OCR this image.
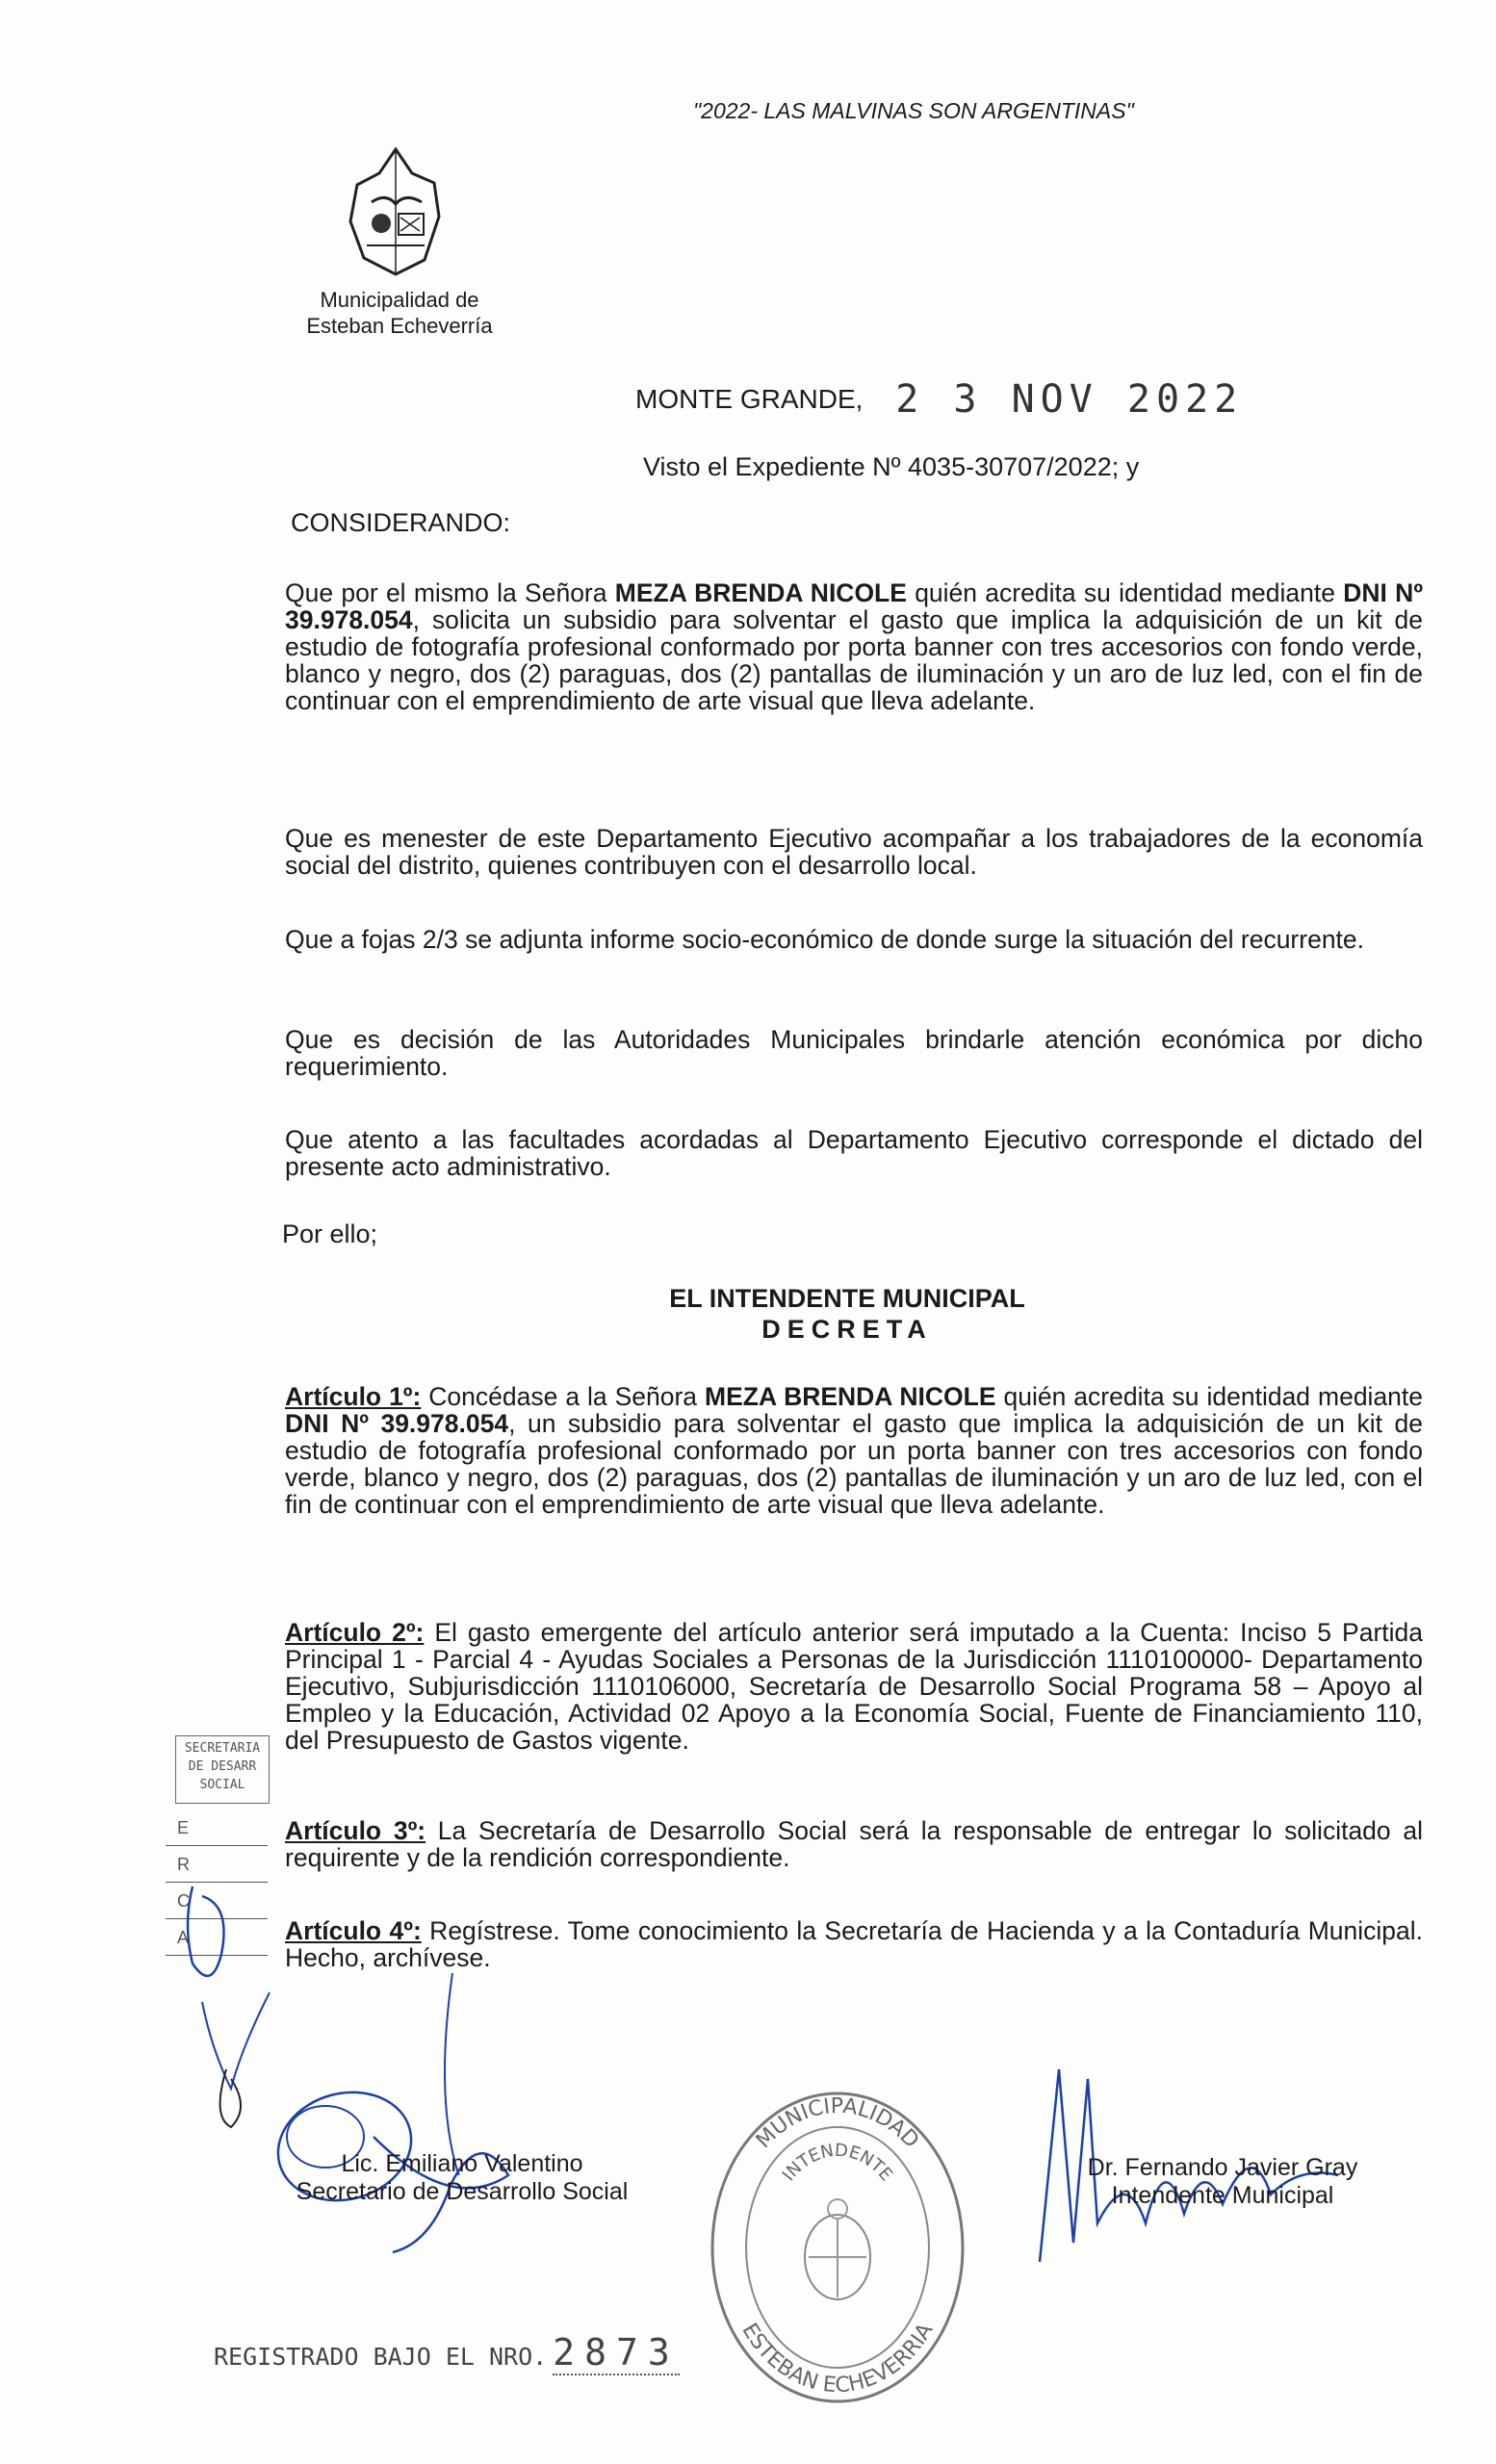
"2022- LAS MALVINAS SON ARGENTINAS"
Municipalidad de
Esteban Echeverría
MONTE GRANDE, 2 3 NOV 2022
Visto el Expediente Nº 4035-30707/2022; y
CONSIDERANDO:
Que por el mismo la Señora MEZA BRENDA NICOLE quién acredita su identidad mediante DNI Nº 39.978.054, solicita un subsidio para solventar el gasto que implica la adquisición de un kit de estudio de fotografía profesional conformado por porta banner con tres accesorios con fondo verde, blanco y negro, dos (2) paraguas, dos (2) pantallas de iluminación y un aro de luz led, con el fin de continuar con el emprendimiento de arte visual que lleva adelante.
Que es menester de este Departamento Ejecutivo acompañar a los trabajadores de la economía social del distrito, quienes contribuyen con el desarrollo local.
Que a fojas 2/3 se adjunta informe socio-económico de donde surge la situación del recurrente.
Que es decisión de las Autoridades Municipales brindarle atención económica por dicho requerimiento.
Que atento a las facultades acordadas al Departamento Ejecutivo corresponde el dictado del presente acto administrativo.
Por ello;
EL INTENDENTE MUNICIPAL
DECRETA
Artículo 1º: Concédase a la Señora MEZA BRENDA NICOLE quién acredita su identidad mediante DNI Nº 39.978.054, un subsidio para solventar el gasto que implica la adquisición de un kit de estudio de fotografía profesional conformado por un porta banner con tres accesorios con fondo verde, blanco y negro, dos (2) paraguas, dos (2) pantallas de iluminación y un aro de luz led, con el fin de continuar con el emprendimiento de arte visual que lleva adelante.
Artículo 2º: El gasto emergente del artículo anterior será imputado a la Cuenta: Inciso 5 Partida Principal 1 - Parcial 4 - Ayudas Sociales a Personas de la Jurisdicción 1110100000- Departamento Ejecutivo, Subjurisdicción 1110106000, Secretaría de Desarrollo Social Programa 58 – Apoyo al Empleo y la Educación, Actividad 02 Apoyo a la Economía Social, Fuente de Financiamiento 110, del Presupuesto de Gastos vigente.
Artículo 3º: La Secretaría de Desarrollo Social será la responsable de entregar lo solicitado al requirente y de la rendición correspondiente.
Artículo 4º: Regístrese. Tome conocimiento la Secretaría de Hacienda y a la Contaduría Municipal. Hecho, archívese.
SECRETARIA
DE DESARR
SOCIAL
E
R
C
A
Lic. Emiliano Valentino
Secretario de Desarrollo Social
MUNICIPALIDAD
INTENDENTE
ESTEBAN ECHEVERRIA
Dr. Fernando Javier Gray
Intendente Municipal
REGISTRADO BAJO EL NRO. 2873
